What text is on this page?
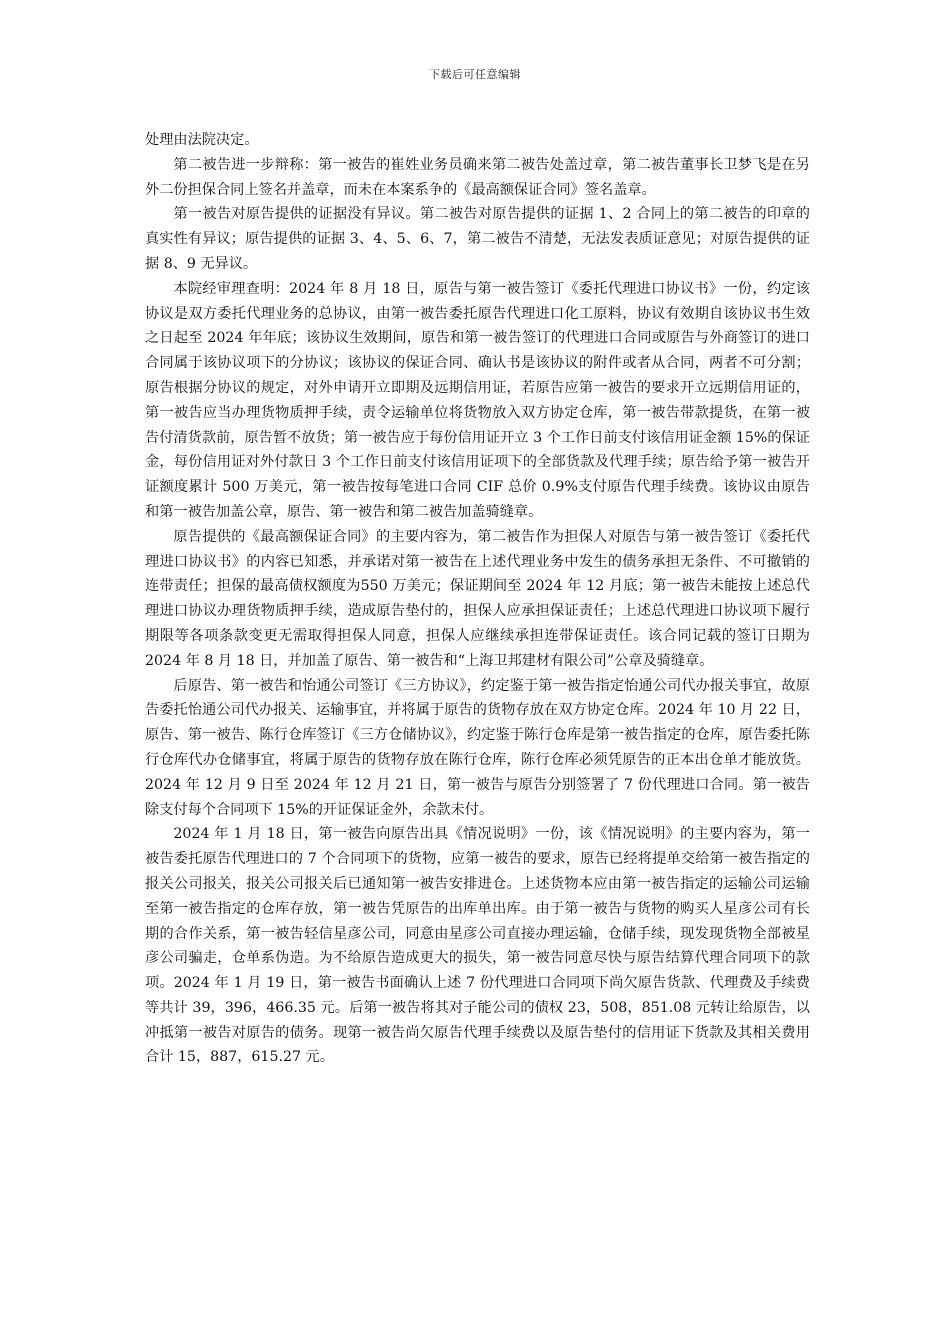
下载后可任意编辑

处理由法院决定。

第二被告进一步辩称：第一被告的崔姓业务员确来第二被告处盖过章，第二被告董事长卫梦飞是在另外二份担保合同上签名并盖章，而未在本案系争的《最高额保证合同》签名盖章。

第一被告对原告提供的证据没有异议。第二被告对原告提供的证据 1、2 合同上的第二被告的印章的真实性有异议；原告提供的证据 3、4、5、6、7，第二被告不清楚，无法发表质证意见；对原告提供的证据 8、9 无异议。

本院经审理查明：2024 年 8 月 18 日，原告与第一被告签订《委托代理进口协议书》一份，约定该协议是双方委托代理业务的总协议，由第一被告委托原告代理进口化工原料，协议有效期自该协议书生效之日起至 2024 年年底；该协议生效期间，原告和第一被告签订的代理进口合同或原告与外商签订的进口合同属于该协议项下的分协议；该协议的保证合同、确认书是该协议的附件或者从合同，两者不可分割；原告根据分协议的规定，对外申请开立即期及远期信用证，若原告应第一被告的要求开立远期信用证的，第一被告应当办理货物质押手续，责令运输单位将货物放入双方协定仓库，第一被告带款提货，在第一被告付清货款前，原告暂不放货；第一被告应于每份信用证开立 3 个工作日前支付该信用证金额 15%的保证金，每份信用证对外付款日 3 个工作日前支付该信用证项下的全部货款及代理手续；原告给予第一被告开证额度累计 500 万美元，第一被告按每笔进口合同 CIF 总价 0.9%支付原告代理手续费。该协议由原告和第一被告加盖公章，原告、第一被告和第二被告加盖骑缝章。

原告提供的《最高额保证合同》的主要内容为，第二被告作为担保人对原告与第一被告签订《委托代理进口协议书》的内容已知悉，并承诺对第一被告在上述代理业务中发生的债务承担无条件、不可撤销的连带责任；担保的最高债权额度为550 万美元；保证期间至 2024 年 12 月底；第一被告未能按上述总代理进口协议办理货物质押手续，造成原告垫付的，担保人应承担保证责任；上述总代理进口协议项下履行期限等各项条款变更无需取得担保人同意，担保人应继续承担连带保证责任。该合同记载的签订日期为 2024 年 8 月 18 日，并加盖了原告、第一被告和“上海卫邦建材有限公司”公章及骑缝章。

后原告、第一被告和怡通公司签订《三方协议》，约定鉴于第一被告指定怡通公司代办报关事宜，故原告委托怡通公司代办报关、运输事宜，并将属于原告的货物存放在双方协定仓库。2024 年 10 月 22 日，原告、第一被告、陈行仓库签订《三方仓储协议》，约定鉴于陈行仓库是第一被告指定的仓库，原告委托陈行仓库代办仓储事宜，将属于原告的货物存放在陈行仓库，陈行仓库必须凭原告的正本出仓单才能放货。2024 年 12 月 9 日至 2024 年 12 月 21 日，第一被告与原告分别签署了 7 份代理进口合同。第一被告除支付每个合同项下 15%的开证保证金外，余款未付。

2024 年 1 月 18 日，第一被告向原告出具《情况说明》一份，该《情况说明》的主要内容为，第一被告委托原告代理进口的 7 个合同项下的货物，应第一被告的要求，原告已经将提单交给第一被告指定的报关公司报关，报关公司报关后已通知第一被告安排进仓。上述货物本应由第一被告指定的运输公司运输至第一被告指定的仓库存放，第一被告凭原告的出库单出库。由于第一被告与货物的购买人星彦公司有长期的合作关系，第一被告轻信星彦公司，同意由星彦公司直接办理运输，仓储手续，现发现货物全部被星彦公司骗走，仓单系伪造。为不给原告造成更大的损失，第一被告同意尽快与原告结算代理合同项下的款项。2024 年 1 月 19 日，第一被告书面确认上述 7 份代理进口合同项下尚欠原告货款、代理费及手续费等共计 39，396，466.35 元。后第一被告将其对子能公司的债权 23，508，851.08 元转让给原告，以冲抵第一被告对原告的债务。现第一被告尚欠原告代理手续费以及原告垫付的信用证下货款及其相关费用合计 15，887，615.27 元。
